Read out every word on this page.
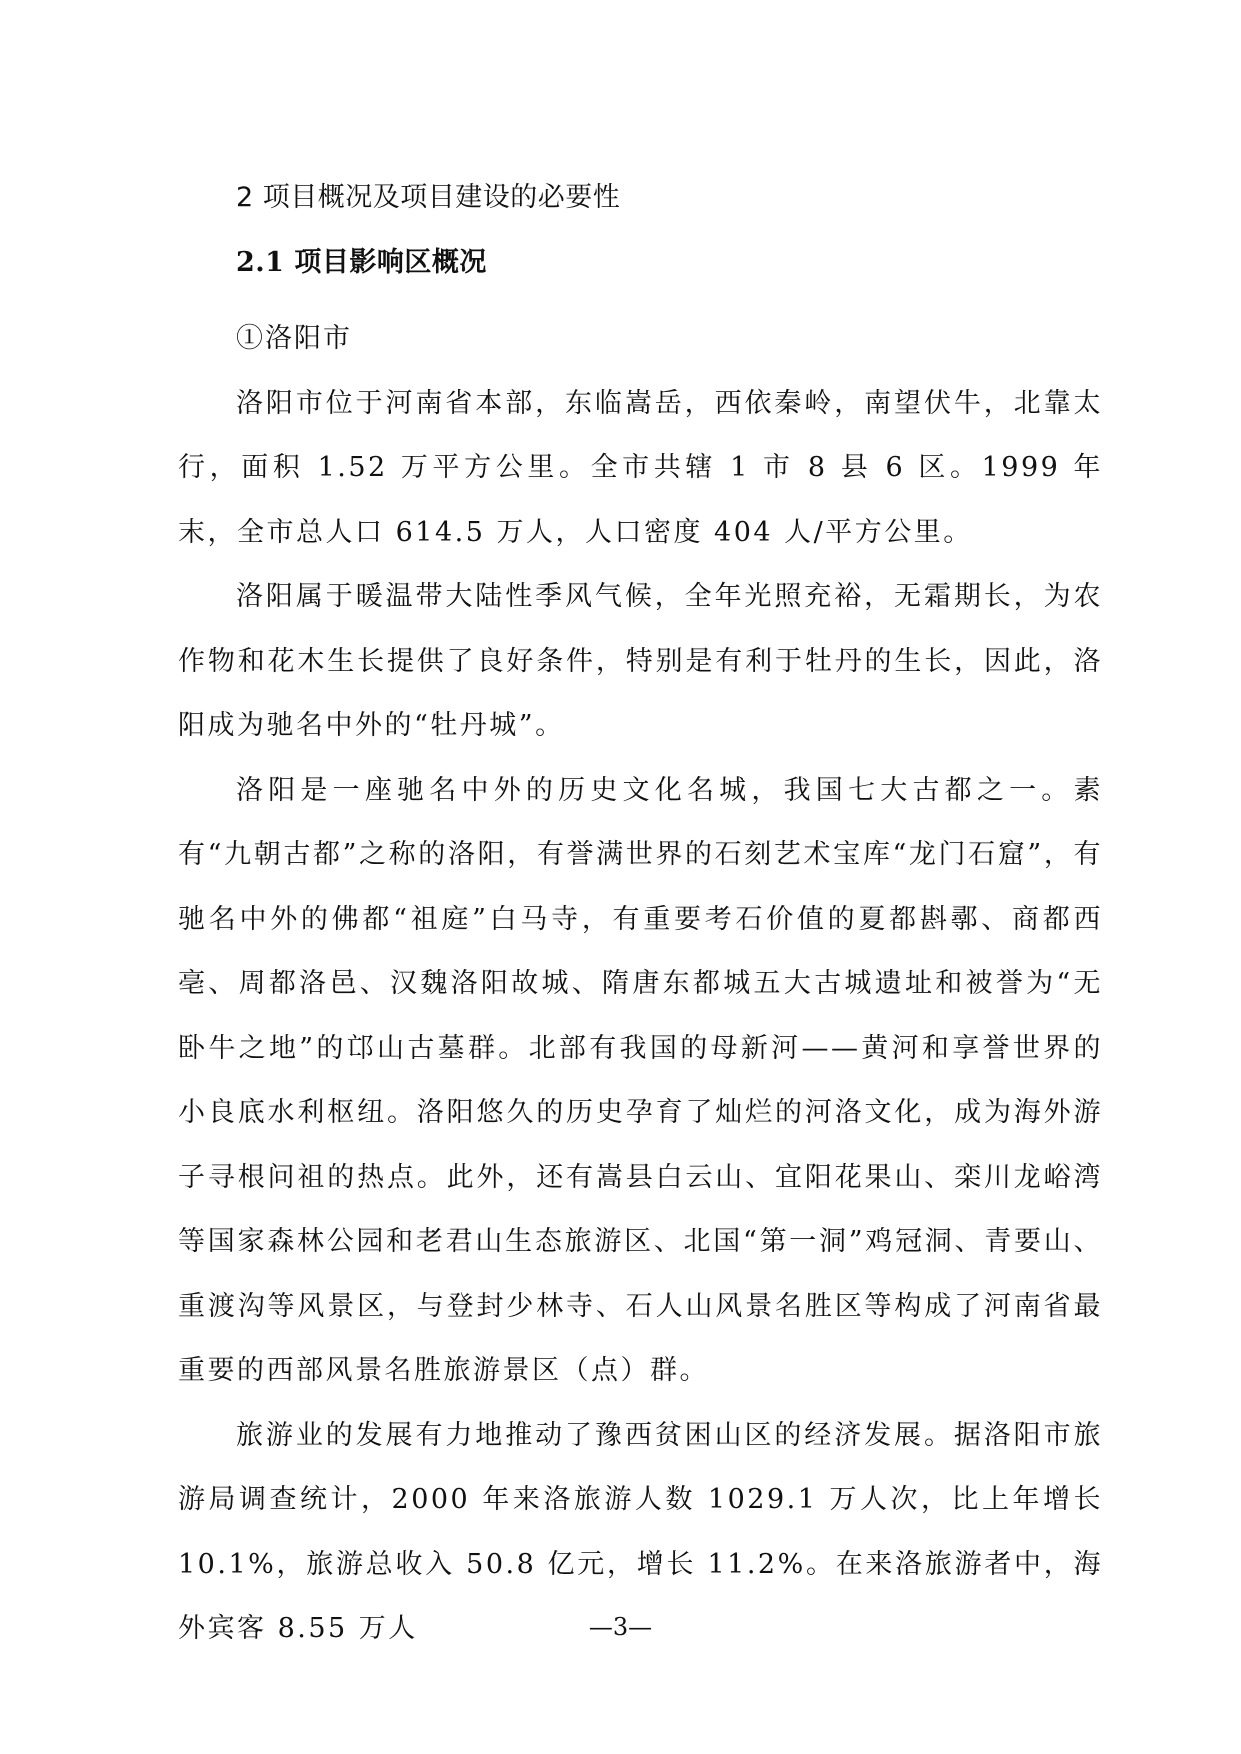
2 项目概况及项目建设的必要性
2.1 项目影响区概况

①洛阳市

洛阳市位于河南省本部，东临嵩岳，西依秦岭，南望伏牛，北靠太行，面积 1.52 万平方公里。全市共辖 1 市 8 县 6 区。1999 年末，全市总人口 614.5 万人，人口密度 404 人/平方公里。

洛阳属于暖温带大陆性季风气候，全年光照充裕，无霜期长，为农作物和花木生长提供了良好条件，特别是有利于牡丹的生长，因此，洛阳成为驰名中外的“牡丹城”。

洛阳是一座驰名中外的历史文化名城，我国七大古都之一。素有“九朝古都”之称的洛阳，有誉满世界的石刻艺术宝库“龙门石窟”，有驰名中外的佛都“祖庭”白马寺，有重要考石价值的夏都斟鄩、商都西亳、周都洛邑、汉魏洛阳故城、隋唐东都城五大古城遗址和被誉为“无卧牛之地”的邙山古墓群。北部有我国的母新河——黄河和享誉世界的小良底水利枢纽。洛阳悠久的历史孕育了灿烂的河洛文化，成为海外游子寻根问祖的热点。此外，还有嵩县白云山、宜阳花果山、栾川龙峪湾等国家森林公园和老君山生态旅游区、北国“第一洞”鸡冠洞、青要山、重渡沟等风景区，与登封少林寺、石人山风景名胜区等构成了河南省最重要的西部风景名胜旅游景区（点）群。

旅游业的发展有力地推动了豫西贫困山区的经济发展。据洛阳市旅游局调查统计，2000 年来洛旅游人数 1029.1 万人次，比上年增长 10.1%，旅游总收入 50.8 亿元，增长 11.2%。在来洛旅游者中，海外宾客 8.55 万人	—3—
